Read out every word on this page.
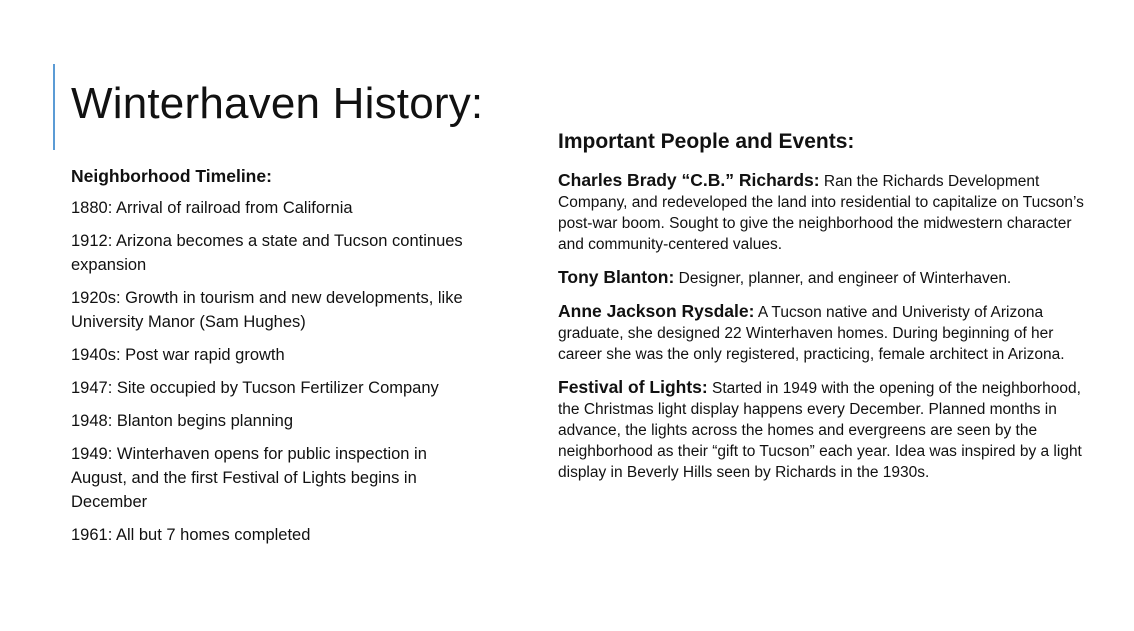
Winterhaven History:
Neighborhood Timeline:
1880: Arrival of railroad from California
1912: Arizona becomes a state and Tucson continues expansion
1920s: Growth in tourism and new developments, like University Manor (Sam Hughes)
1940s: Post war rapid growth
1947: Site occupied by Tucson Fertilizer Company
1948: Blanton begins planning
1949: Winterhaven opens for public inspection in August, and the first Festival of Lights begins in December
1961: All but 7 homes completed
Important People and Events:

Charles Brady “C.B.” Richards: Ran the Richards Development Company, and redeveloped the land into residential to capitalize on Tucson’s post-war boom. Sought to give the neighborhood the midwestern character and community-centered values.

Tony Blanton: Designer, planner, and engineer of Winterhaven.

Anne Jackson Rysdale: A Tucson native and Univeristy of Arizona graduate, she designed 22 Winterhaven homes. During beginning of her career she was the only registered, practicing, female architect in Arizona.

Festival of Lights: Started in 1949 with the opening of the neighborhood, the Christmas light display happens every December. Planned months in advance, the lights across the homes and evergreens are seen by the neighborhood as their “gift to Tucson” each year. Idea was inspired by a light display in Beverly Hills seen by Richards in the 1930s.
